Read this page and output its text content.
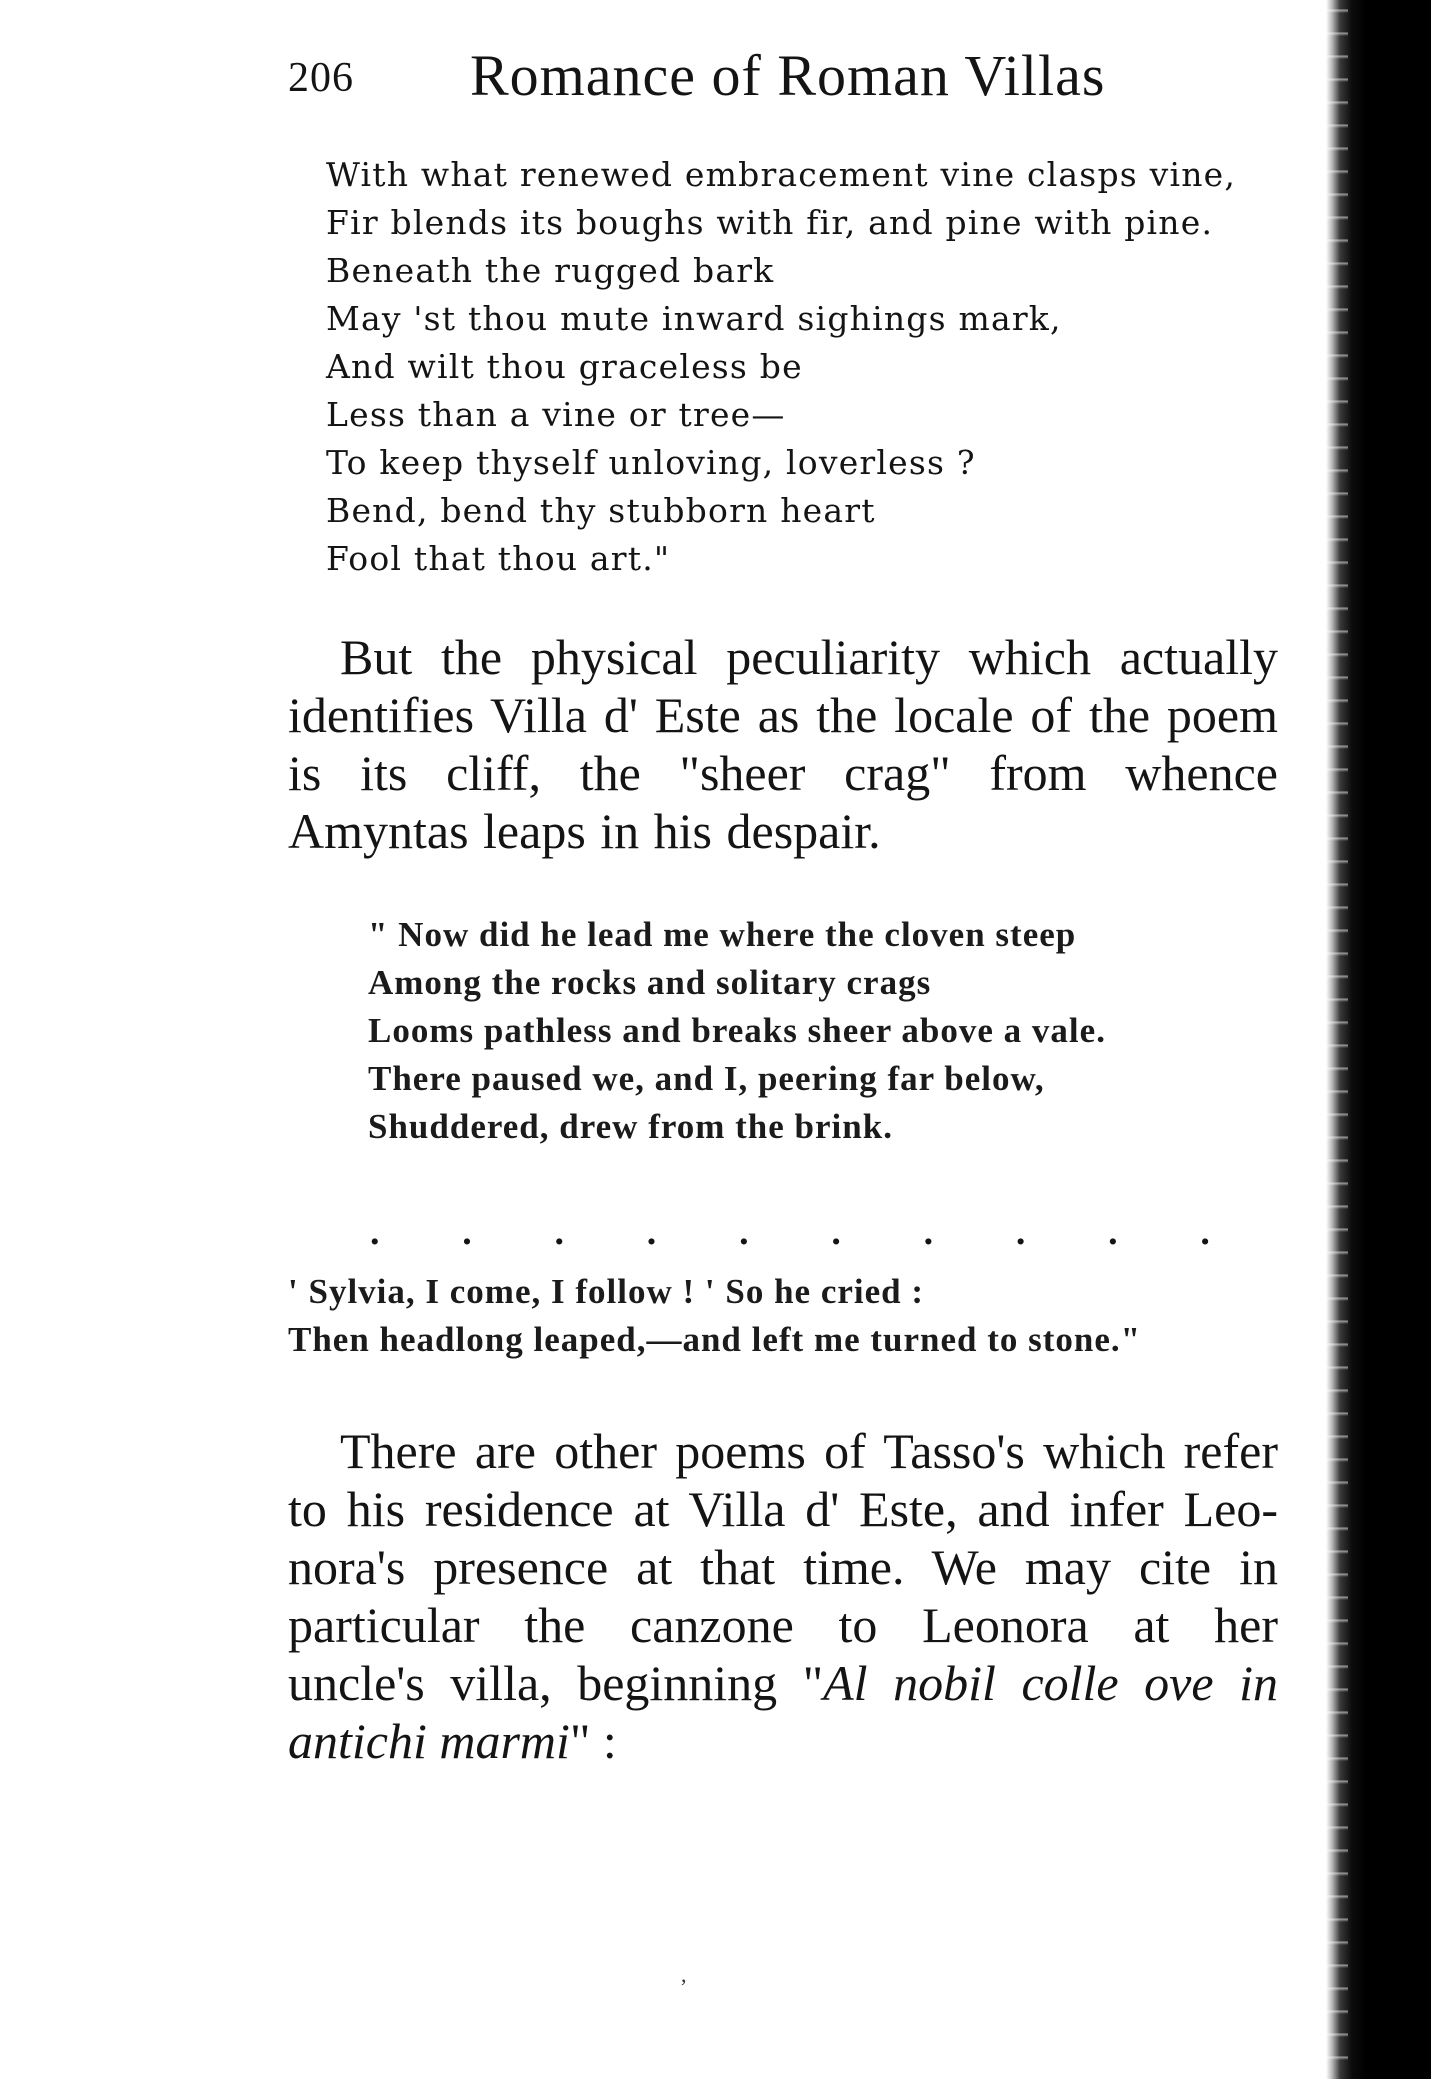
206 Romance of Roman Villas
With what renewed embracement vine clasps vine,
Fir blends its boughs with fir, and pine with pine.
Beneath the rugged bark
May 'st thou mute inward sighings mark,
And wilt thou graceless be
Less than a vine or tree—
To keep thyself unloving, loverless ?
Bend, bend thy stubborn heart
Fool that thou art."
But the physical peculiarity which actually
identifies Villa d' Este as the locale of the poem
is its cliff, the "sheer crag" from whence
Amyntas leaps in his despair.
" Now did he lead me where the cloven steep
Among the rocks and solitary crags
Looms pathless and breaks sheer above a vale.
There paused we, and I, peering far below,
Shuddered, drew from the brink.
. . . . . . . . . .
' Sylvia, I come, I follow ! ' So he cried :
Then headlong leaped,—and left me turned to stone."
There are other poems of Tasso's which refer
to his residence at Villa d' Este, and infer Leo-
nora's presence at that time. We may cite in
particular the canzone to Leonora at her
uncle's villa, beginning "Al nobil colle ove in
antichi marmi" :
,
